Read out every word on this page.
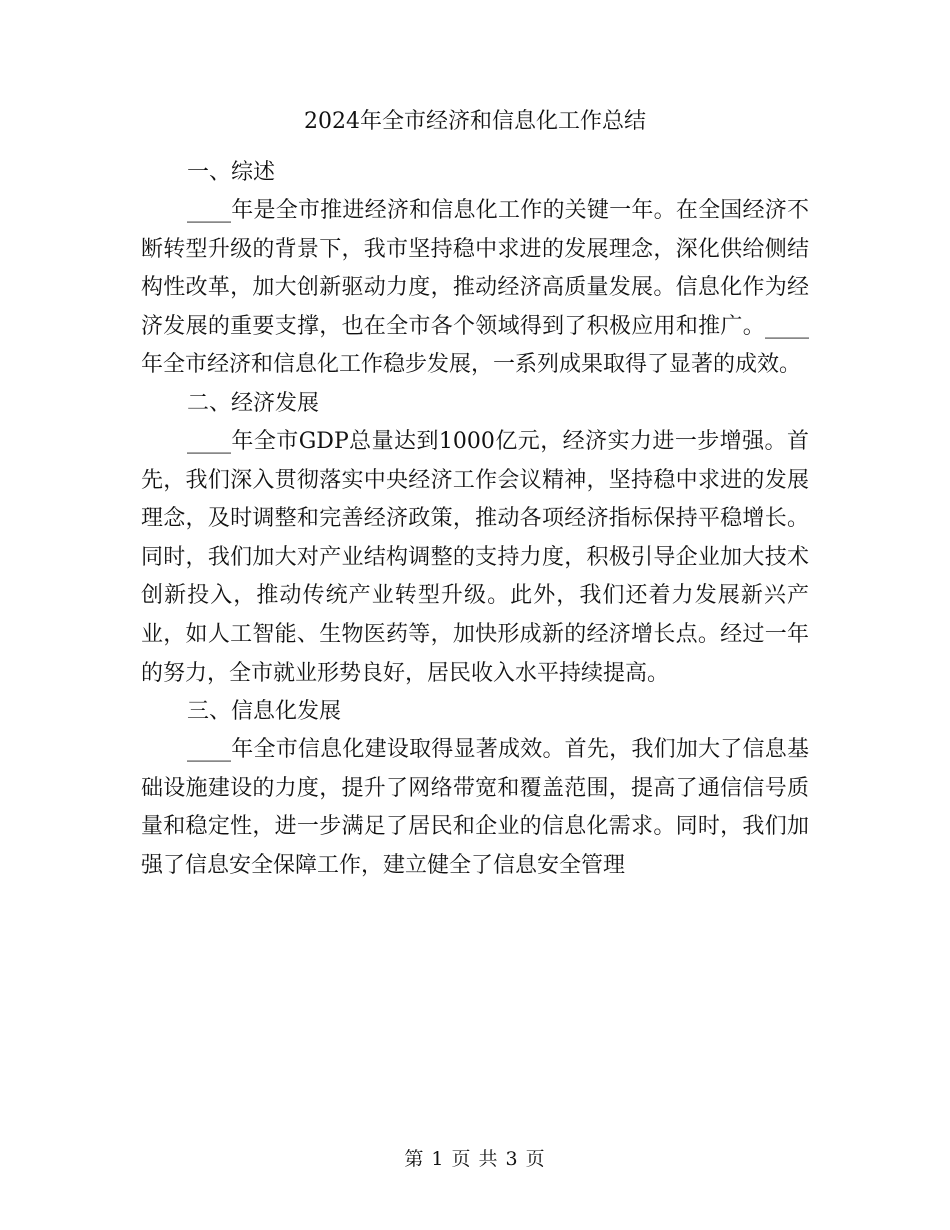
2024年全市经济和信息化工作总结
一、综述

____年是全市推进经济和信息化工作的关键一年。在全国经济不断转型升级的背景下，我市坚持稳中求进的发展理念，深化供给侧结构性改革，加大创新驱动力度，推动经济高质量发展。信息化作为经济发展的重要支撑，也在全市各个领域得到了积极应用和推广。____年全市经济和信息化工作稳步发展，一系列成果取得了显著的成效。

二、经济发展

____年全市GDP总量达到1000亿元，经济实力进一步增强。首先，我们深入贯彻落实中央经济工作会议精神，坚持稳中求进的发展理念，及时调整和完善经济政策，推动各项经济指标保持平稳增长。同时，我们加大对产业结构调整的支持力度，积极引导企业加大技术创新投入，推动传统产业转型升级。此外，我们还着力发展新兴产业，如人工智能、生物医药等，加快形成新的经济增长点。经过一年的努力，全市就业形势良好，居民收入水平持续提高。

三、信息化发展

____年全市信息化建设取得显著成效。首先，我们加大了信息基础设施建设的力度，提升了网络带宽和覆盖范围，提高了通信信号质量和稳定性，进一步满足了居民和企业的信息化需求。同时，我们加强了信息安全保障工作，建立健全了信息安全管理

第 1 页 共 3 页
